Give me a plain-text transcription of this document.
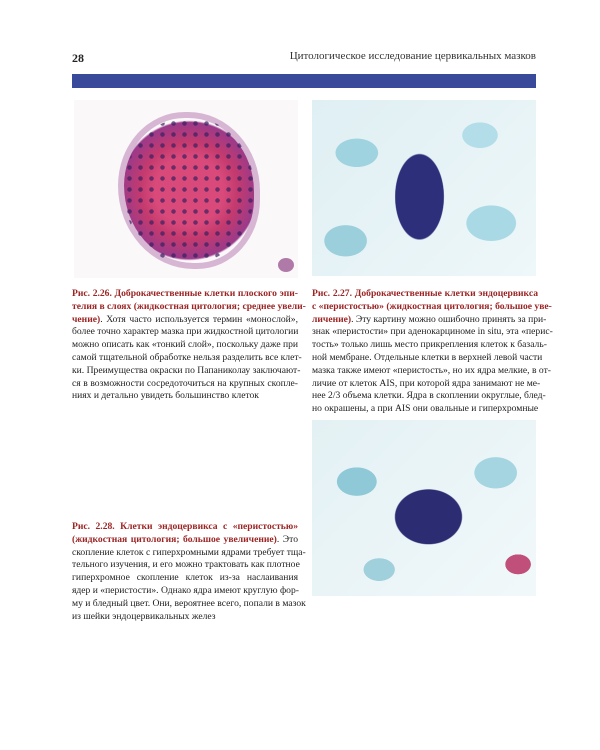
28	Цитологическое исследование цервикальных мазков
Рис. 2.26. Доброкачественные клетки плоского эпи-
телия в слоях (жидкостная цитология; среднее увели-
чение). Хотя часто используется термин «монослой»,
более точно характер мазка при жидкостной цитологии
можно описать как «тонкий слой», поскольку даже при
самой тщательной обработке нельзя разделить все клет-
ки. Преимущества окраски по Папаниколау заключают-
ся в возможности сосредоточиться на крупных скопле-
ниях и детально увидеть большинство клеток
Рис. 2.27. Доброкачественные клетки эндоцервикса
с «перистостью» (жидкостная цитология; большое уве-
личение). Эту картину можно ошибочно принять за при-
знак «перистости» при аденокарциноме in situ, эта «перис-
тость» только лишь место прикрепления клеток к базаль-
ной мембране. Отдельные клетки в верхней левой части
мазка также имеют «перистость», но их ядра мелкие, в от-
личие от клеток AIS, при которой ядра занимают не ме-
нее 2/3 объема клетки. Ядра в скоплении округлые, блед-
но окрашены, а при AIS они овальные и гиперхромные
Рис. 2.28. Клетки эндоцервикса с «перистостью»
(жидкостная цитология; большое увеличение). Это
скопление клеток с гиперхромными ядрами требует тща-
тельного изучения, и его можно трактовать как плотное
гиперхромное скопление клеток из-за наслаивания
ядер и «перистости». Однако ядра имеют круглую фор-
му и бледный цвет. Они, вероятнее всего, попали в мазок
из шейки эндоцервикальных желез
